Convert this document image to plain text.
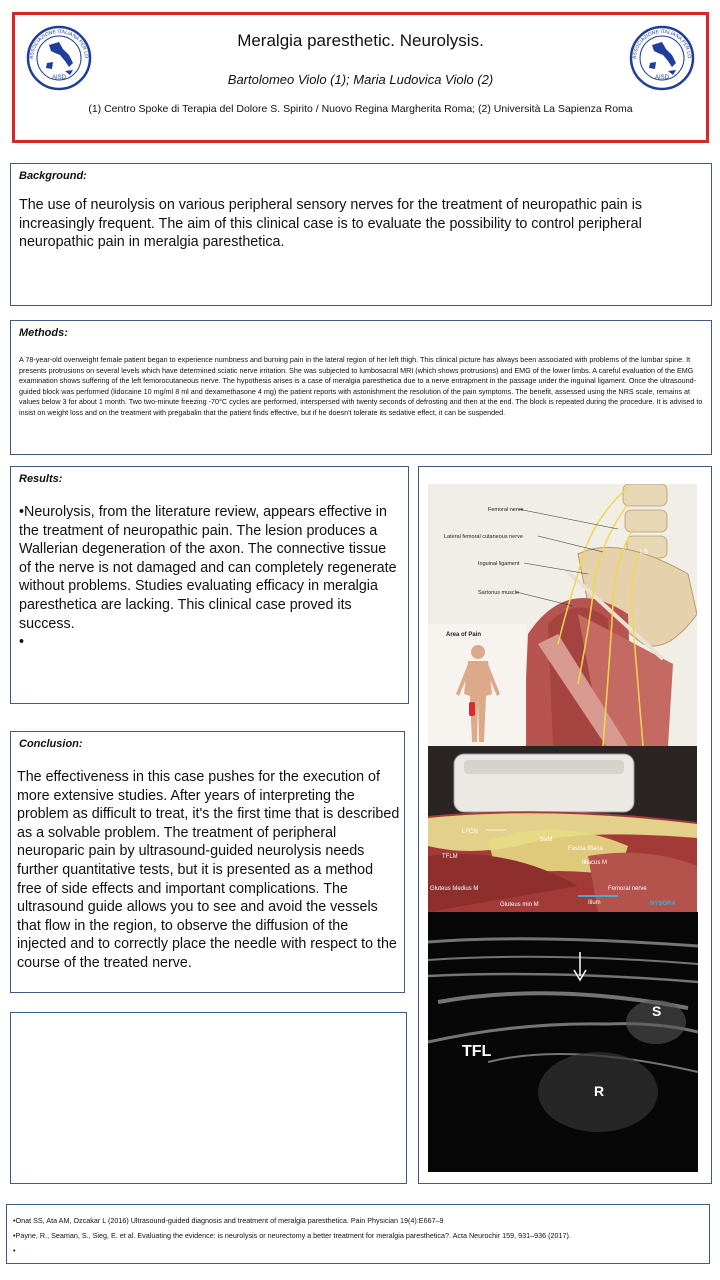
ASSOCIAZIONE ITALIANA PER LO
AISD
ASSOCIAZIONE ITALIANA PER LO
AISD
Meralgia paresthetic. Neurolysis.
Bartolomeo Violo (1); Maria Ludovica Violo (2)
(1) Centro Spoke di Terapia del Dolore S. Spirito / Nuovo Regina Margherita Roma; (2) Università La Sapienza Roma
Background:
The use of neurolysis on various peripheral sensory nerves for the treatment of neuropathic pain is increasingly frequent. The aim of this clinical case is to evaluate the possibility to control peripheral neuropathic pain in meralgia paresthetica.
Methods:
A 78-year-old overweight female patient began to experience numbness and burning pain in the lateral region of her left thigh. This clinical picture has always been associated with problems of the lumbar spine. It presents protrusions on several levels which have determined sciatic nerve irritation. She was subjected to lumbosacral MRI (which shows protrusions) and EMG of the lower limbs. A careful evaluation of the EMG examination shows suffering of the left femorocutaneous nerve. The hypothesis arises is a case of meralgia paresthetica due to a nerve entrapment in the passage under the inguinal ligament. Once the ultrasound-guided block was performed (lidocaine 10 mg/ml 8 ml and dexamethasone 4 mg) the patient reports with astonishment the resolution of the pain symptoms. The benefit, assessed using the NRS scale, remains at values below 3 for about 1 month. Two two-minute freezing -70°C cycles are performed, interspersed with twenty seconds of defrosting and then at the end. The block is repeated during the procedure. It is advised to insist on weight loss and on the treatment with pregabalin that the patient finds effective, but if he doesn't tolerate its sedative effect, it can be suspended.
Results:
•Neurolysis, from the literature review, appears effective in the treatment of neuropathic pain. The lesion produces a Wallerian degeneration of the axon. The connective tissue of the nerve is not damaged and can completely regenerate without problems. Studies evaluating efficacy in meralgia paresthetica are lacking. This clinical case proved its success.
•
Conclusion:
The effectiveness in this case pushes for the execution of more extensive studies. After years of interpreting the problem as difficult to treat, it's the first time that is described as a solvable problem. The treatment of peripheral neuroparic pain by ultrasound-guided neurolysis needs further quantitative tests, but it is presented as a method free of side effects and important complications. The ultrasound guide allows you to see and avoid the vessels that flow in the region, to observe the diffusion of the injected and to correctly place the needle with respect to the course of the treated nerve.
Femoral nerve
Lateral femoral cutaneous nerve
Inguinal ligament
Sartorius muscle
L5
Area of Pain
LFCN
SaM
Fascia Illiaca
Illiacus M
TFLM
Gluteus Medius M
Gluteus min M	Ilium
Femoral nerve
NYSORA
TFL
S
R
•Onat SS, Ata AM, Ozcakar L (2016) Ultrasound-guided diagnosis and treatment of meralgia paresthetica. Pain Physician 19(4):E667–9
•Payne, R., Seaman, S., Sieg, E. et al. Evaluating the evidence: is neurolysis or neurectomy a better treatment for meralgia paresthetica?. Acta Neurochir 159, 931–936 (2017).
•
